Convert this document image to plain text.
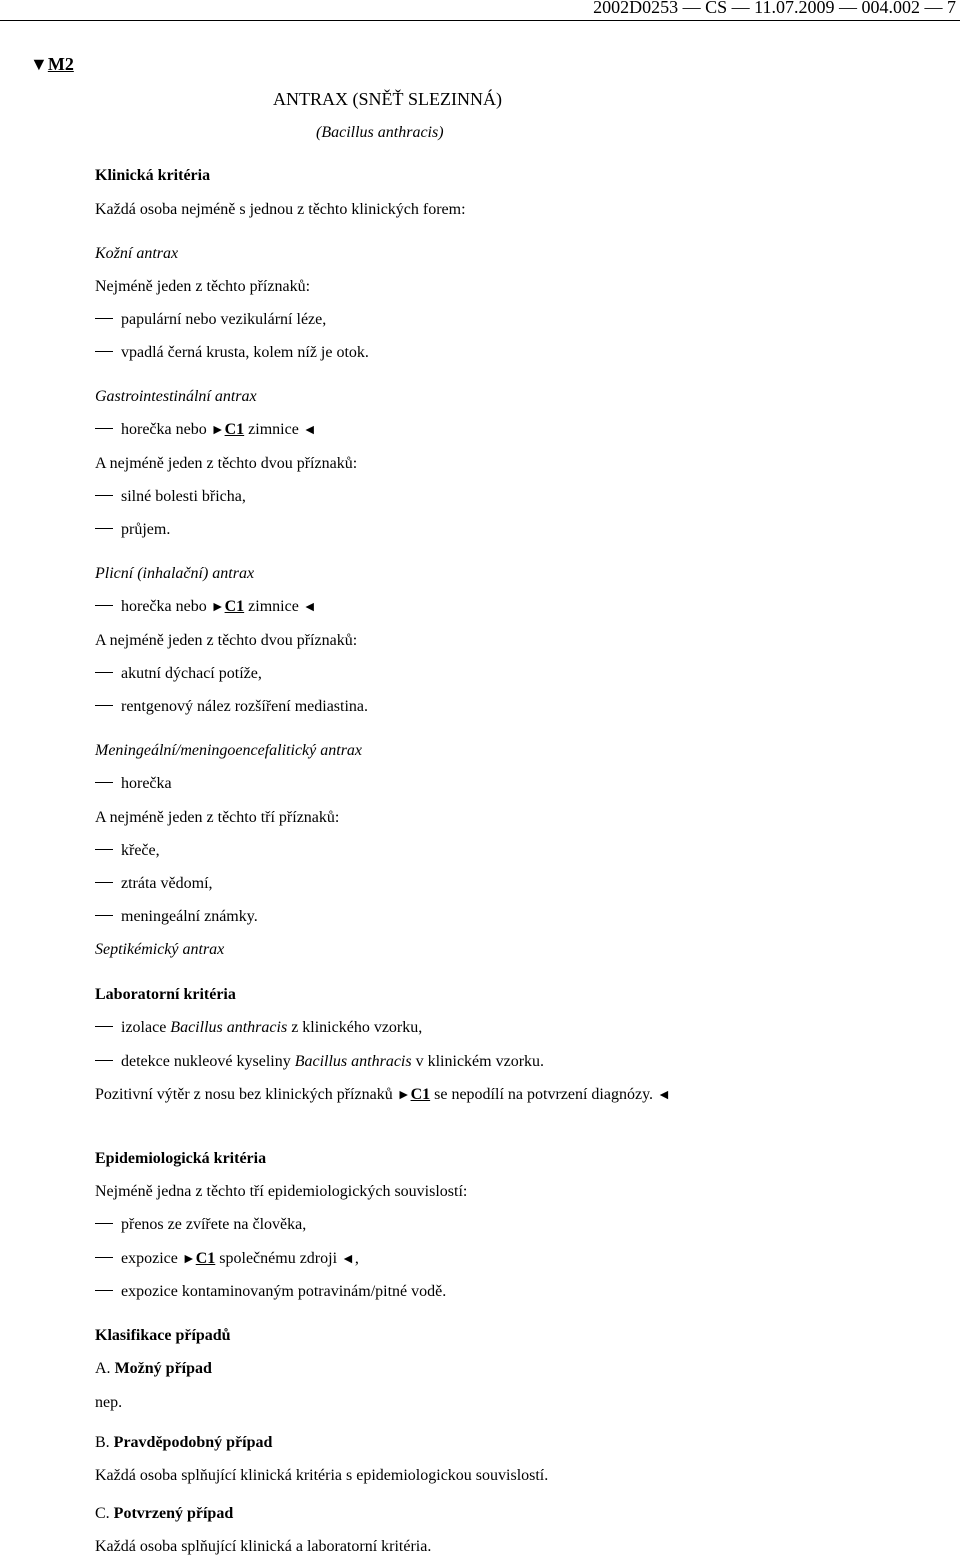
2002D0253 — CS — 11.07.2009 — 004.002 — 7
▼M2
ANTRAX (SNĚŤ SLEZINNÁ)
(Bacillus anthracis)
Klinická kritéria
Každá osoba nejméně s jednou z těchto klinických forem:
Kožní antrax
Nejméně jeden z těchto příznaků:
papulární nebo vezikulární léze,
vpadlá černá krusta, kolem níž je otok.
Gastrointestinální antrax
horečka nebo ►C1 zimnice ◄
A nejméně jeden z těchto dvou příznaků:
silné bolesti břicha,
průjem.
Plicní (inhalační) antrax
horečka nebo ►C1 zimnice ◄
A nejméně jeden z těchto dvou příznaků:
akutní dýchací potíže,
rentgenový nález rozšíření mediastina.
Meningeální/meningoencefalitický antrax
horečka
A nejméně jeden z těchto tří příznaků:
křeče,
ztráta vědomí,
meningeální známky.
Septikémický antrax
Laboratorní kritéria
izolace Bacillus anthracis z klinického vzorku,
detekce nukleové kyseliny Bacillus anthracis v klinickém vzorku.
Pozitivní výtěr z nosu bez klinických příznaků ►C1 se nepodílí na potvrzení diagnózy. ◄
Epidemiologická kritéria
Nejméně jedna z těchto tří epidemiologických souvislostí:
přenos ze zvířete na člověka,
expozice ►C1 společnému zdroji ◄,
expozice kontaminovaným potravinám/pitné vodě.
Klasifikace případů
A. Možný případ
nep.
B. Pravděpodobný případ
Každá osoba splňující klinická kritéria s epidemiologickou souvislostí.
C. Potvrzený případ
Každá osoba splňující klinická a laboratorní kritéria.
